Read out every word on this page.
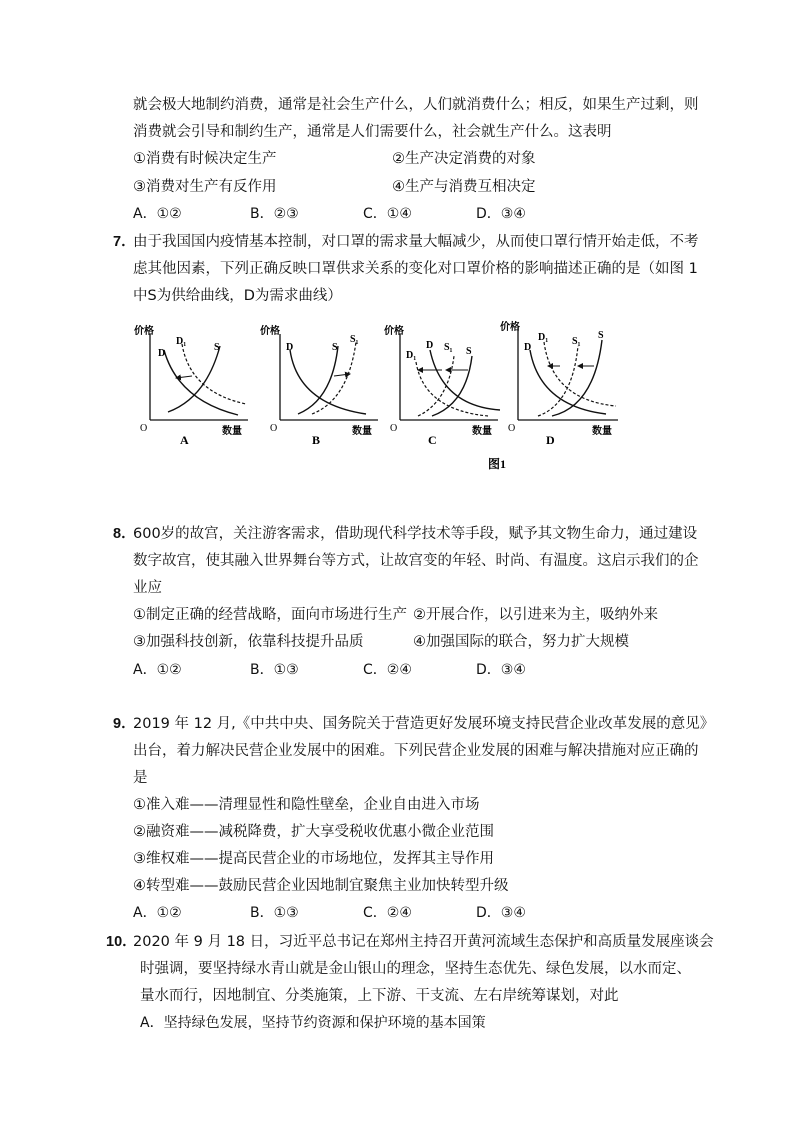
就会极大地制约消费，通常是社会生产什么，人们就消费什么；相反，如果生产过剩，则
消费就会引导和制约生产，通常是人们需要什么，社会就生产什么。这表明
①消费有时候决定生产	②生产决定消费的对象
③消费对生产有反作用	④生产与消费互相决定
A．①②	B．②③	C．①④	D．③④
7．
由于我国国内疫情基本控制，对口罩的需求量大幅减少，从而使口罩行情开始走低，不考
虑其他因素，下列正确反映口罩供求关系的变化对口罩价格的影响描述正确的是（如图 1
中S为供给曲线，D为需求曲线）
价格
数量
O
D
D₁
S
A
价格
数量
O
D	S
S₁
B
价格
数量
O
D₁
D S₁ S
C
价格
数量
O
D
D₁ S₁
S
D
图1
8．
600岁的故宫，关注游客需求，借助现代科学技术等手段，赋予其文物生命力，通过建设
数字故宫，使其融入世界舞台等方式，让故宫变的年轻、时尚、有温度。这启示我们的企
业应
①制定正确的经营战略，面向市场进行生产 ②开展合作，以引进来为主，吸纳外来
③加强科技创新，依靠科技提升品质	④加强国际的联合，努力扩大规模
A．①②	B．①③	C．②④	D．③④
9．
2019 年 12 月,《中共中央、国务院关于营造更好发展环境支持民营企业改革发展的意见》
出台，着力解决民营企业发展中的困难。下列民营企业发展的困难与解决措施对应正确的
是
①准入难——清理显性和隐性壁垒，企业自由进入市场
②融资难——减税降费，扩大享受税收优惠小微企业范围
③维权难——提高民营企业的市场地位，发挥其主导作用
④转型难——鼓励民营企业因地制宜聚焦主业加快转型升级
A．①②	B．①③	C．②④	D．③④
10．
2020 年 9 月 18 日，习近平总书记在郑州主持召开黄河流域生态保护和高质量发展座谈会
时强调，要坚持绿水青山就是金山银山的理念，坚持生态优先、绿色发展，以水而定、
量水而行，因地制宜、分类施策，上下游、干支流、左右岸统筹谋划，对此
A．坚持绿色发展，坚持节约资源和保护环境的基本国策
